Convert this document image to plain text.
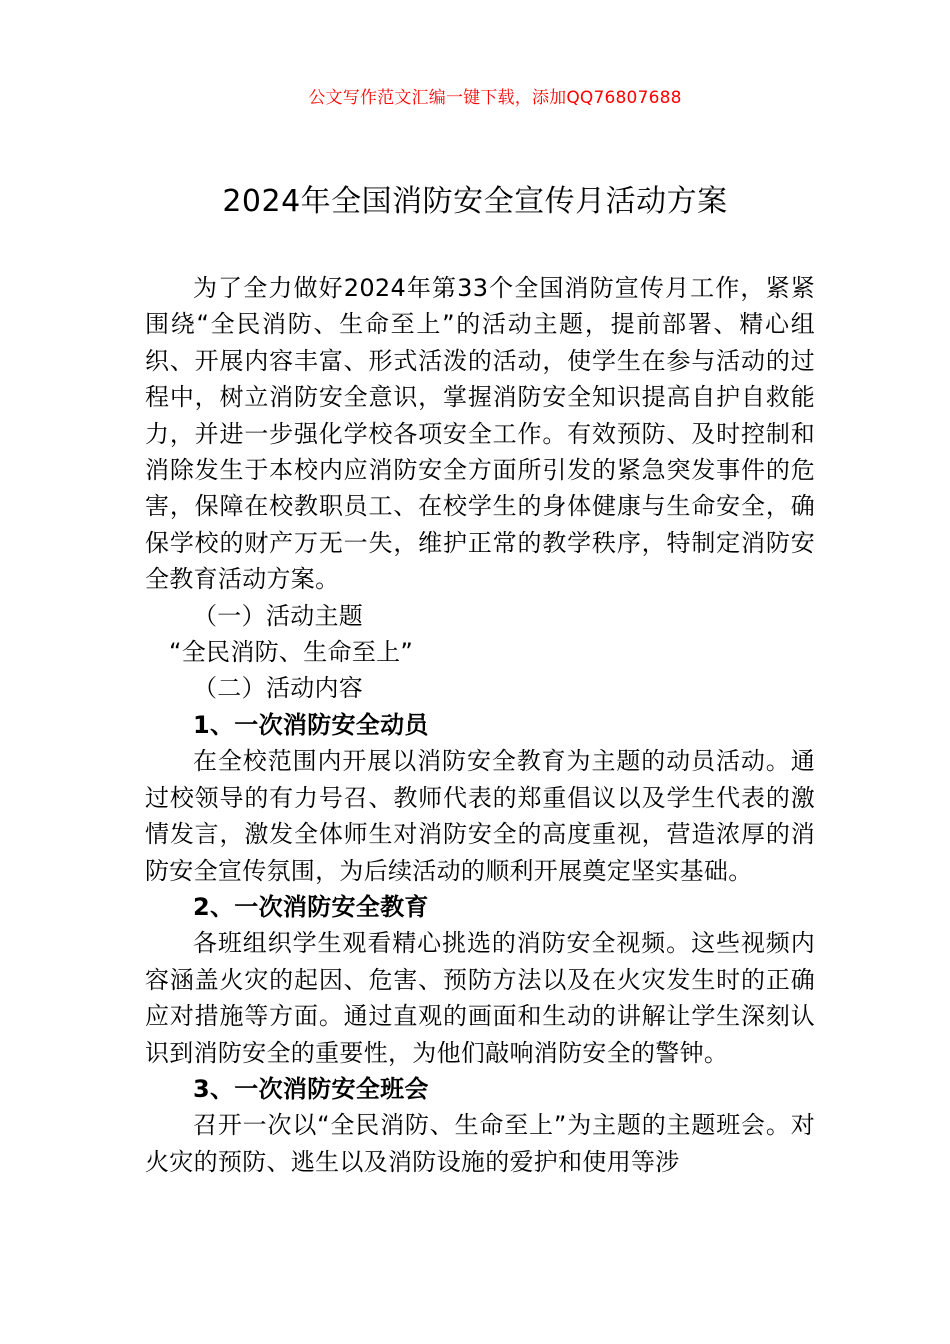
公文写作范文汇编一键下载，添加QQ76807688
2024年全国消防安全宣传月活动方案

为了全力做好2024年第33个全国消防宣传月工作，紧紧围绕“全民消防、生命至上”的活动主题，提前部署、精心组织、开展内容丰富、形式活泼的活动，使学生在参与活动的过程中，树立消防安全意识，掌握消防安全知识提高自护自救能力，并进一步强化学校各项安全工作。有效预防、及时控制和消除发生于本校内应消防安全方面所引发的紧急突发事件的危害，保障在校教职员工、在校学生的身体健康与生命安全，确保学校的财产万无一失，维护正常的教学秩序，特制定消防安全教育活动方案。

（一）活动主题

“全民消防、生命至上”

（二）活动内容

1、一次消防安全动员

在全校范围内开展以消防安全教育为主题的动员活动。通过校领导的有力号召、教师代表的郑重倡议以及学生代表的激情发言，激发全体师生对消防安全的高度重视，营造浓厚的消防安全宣传氛围，为后续活动的顺利开展奠定坚实基础。

2、一次消防安全教育

各班组织学生观看精心挑选的消防安全视频。这些视频内容涵盖火灾的起因、危害、预防方法以及在火灾发生时的正确应对措施等方面。通过直观的画面和生动的讲解让学生深刻认识到消防安全的重要性，为他们敲响消防安全的警钟。

3、一次消防安全班会

召开一次以“全民消防、生命至上”为主题的主题班会。对火灾的预防、逃生以及消防设施的爱护和使用等涉
